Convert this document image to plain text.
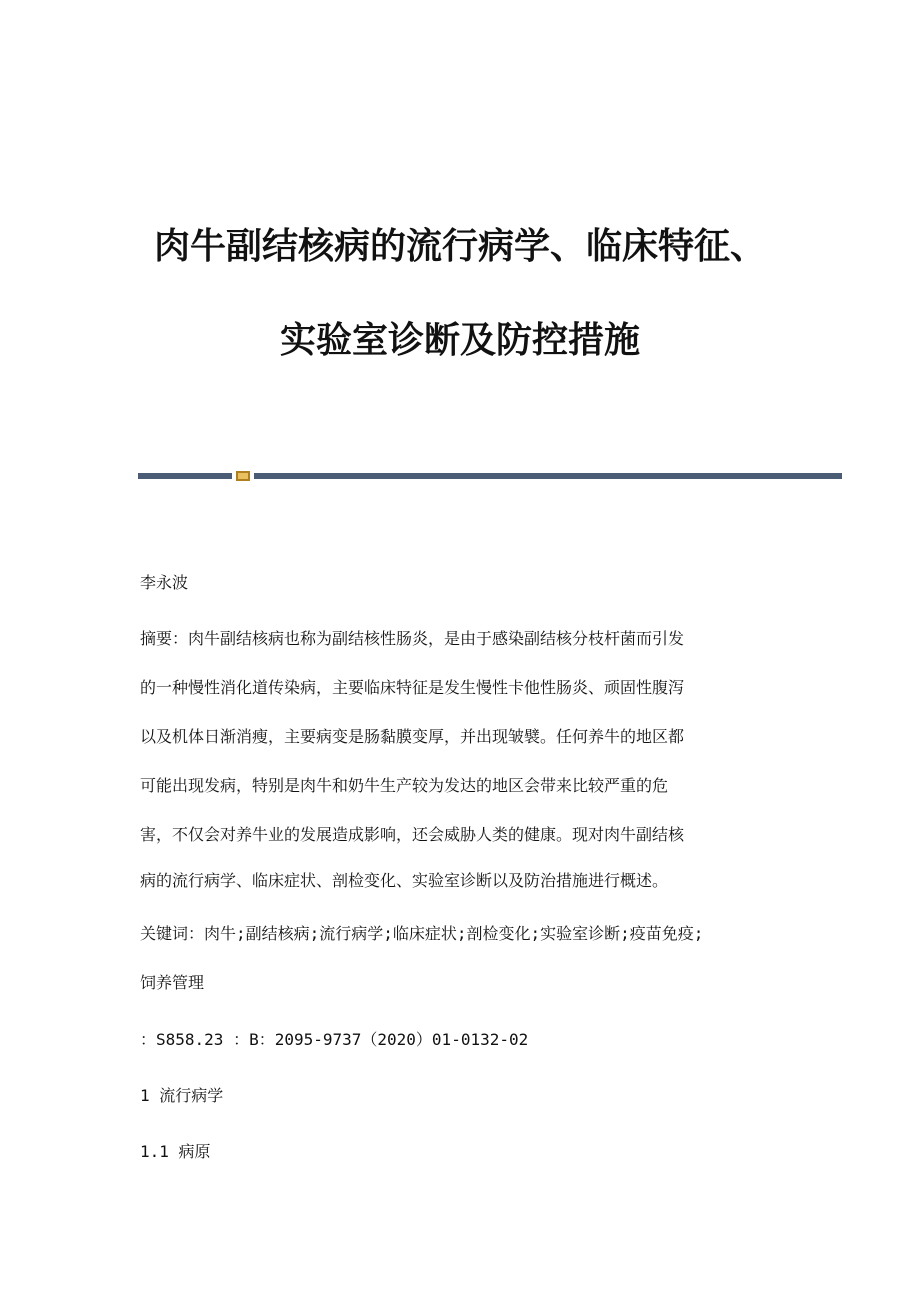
肉牛副结核病的流行病学、临床特征、
实验室诊断及防控措施
李永波
摘要：肉牛副结核病也称为副结核性肠炎，是由于感染副结核分枝杆菌而引发
的一种慢性消化道传染病，主要临床特征是发生慢性卡他性肠炎、顽固性腹泻
以及机体日渐消瘦，主要病变是肠黏膜变厚，并出现皱襞。任何养牛的地区都
可能出现发病，特别是肉牛和奶牛生产较为发达的地区会带来比较严重的危
害，不仅会对养牛业的发展造成影响，还会威胁人类的健康。现对肉牛副结核
病的流行病学、临床症状、剖检变化、实验室诊断以及防治措施进行概述。
关键词：肉牛;副结核病;流行病学;临床症状;剖检变化;实验室诊断;疫苗免疫;
饲养管理
：S858.23 ：B：2095-9737（2020）01-0132-02
1 流行病学
1.1 病原
